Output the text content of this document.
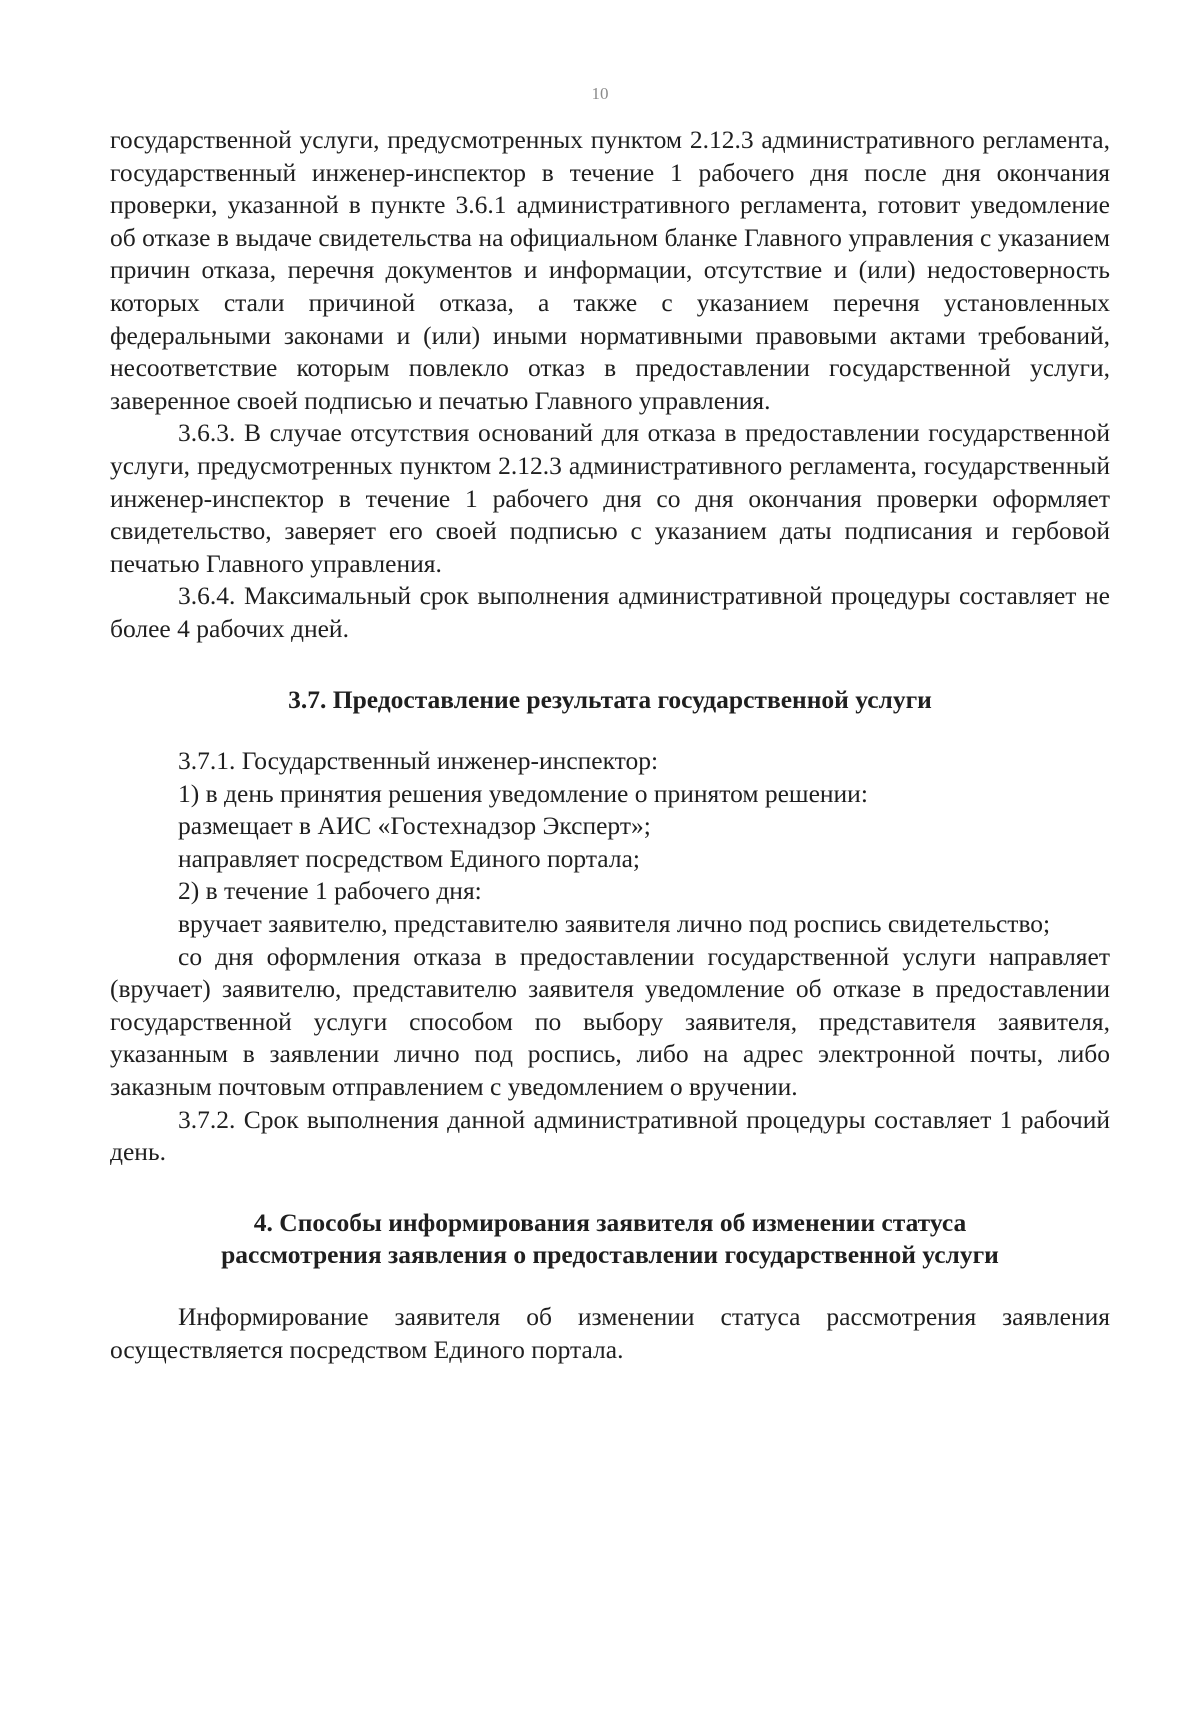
10

государственной услуги, предусмотренных пунктом 2.12.3 административного регламента, государственный инженер-инспектор в течение 1 рабочего дня после дня окончания проверки, указанной в пункте 3.6.1 административного регламента, готовит уведомление об отказе в выдаче свидетельства на официальном бланке Главного управления с указанием причин отказа, перечня документов и информации, отсутствие и (или) недостоверность которых стали причиной отказа, а также с указанием перечня установленных федеральными законами и (или) иными нормативными правовыми актами требований, несоответствие которым повлекло отказ в предоставлении государственной услуги, заверенное своей подписью и печатью Главного управления.

3.6.3. В случае отсутствия оснований для отказа в предоставлении государственной услуги, предусмотренных пунктом 2.12.3 административного регламента, государственный инженер-инспектор в течение 1 рабочего дня со дня окончания проверки оформляет свидетельство, заверяет его своей подписью с указанием даты подписания и гербовой печатью Главного управления.

3.6.4. Максимальный срок выполнения административной процедуры составляет не более 4 рабочих дней.

3.7. Предоставление результата государственной услуги

3.7.1. Государственный инженер-инспектор:

1) в день принятия решения уведомление о принятом решении:

размещает в АИС «Гостехнадзор Эксперт»;

направляет посредством Единого портала;

2) в течение 1 рабочего дня:

вручает заявителю, представителю заявителя лично под роспись свидетельство;

со дня оформления отказа в предоставлении государственной услуги направляет (вручает) заявителю, представителю заявителя уведомление об отказе в предоставлении государственной услуги способом по выбору заявителя, представителя заявителя, указанным в заявлении лично под роспись, либо на адрес электронной почты, либо заказным почтовым отправлением с уведомлением о вручении.

3.7.2. Срок выполнения данной административной процедуры составляет 1 рабочий день.

4. Способы информирования заявителя об изменении статуса
рассмотрения заявления о предоставлении государственной услуги

Информирование заявителя об изменении статуса рассмотрения заявления осуществляется посредством Единого портала.
